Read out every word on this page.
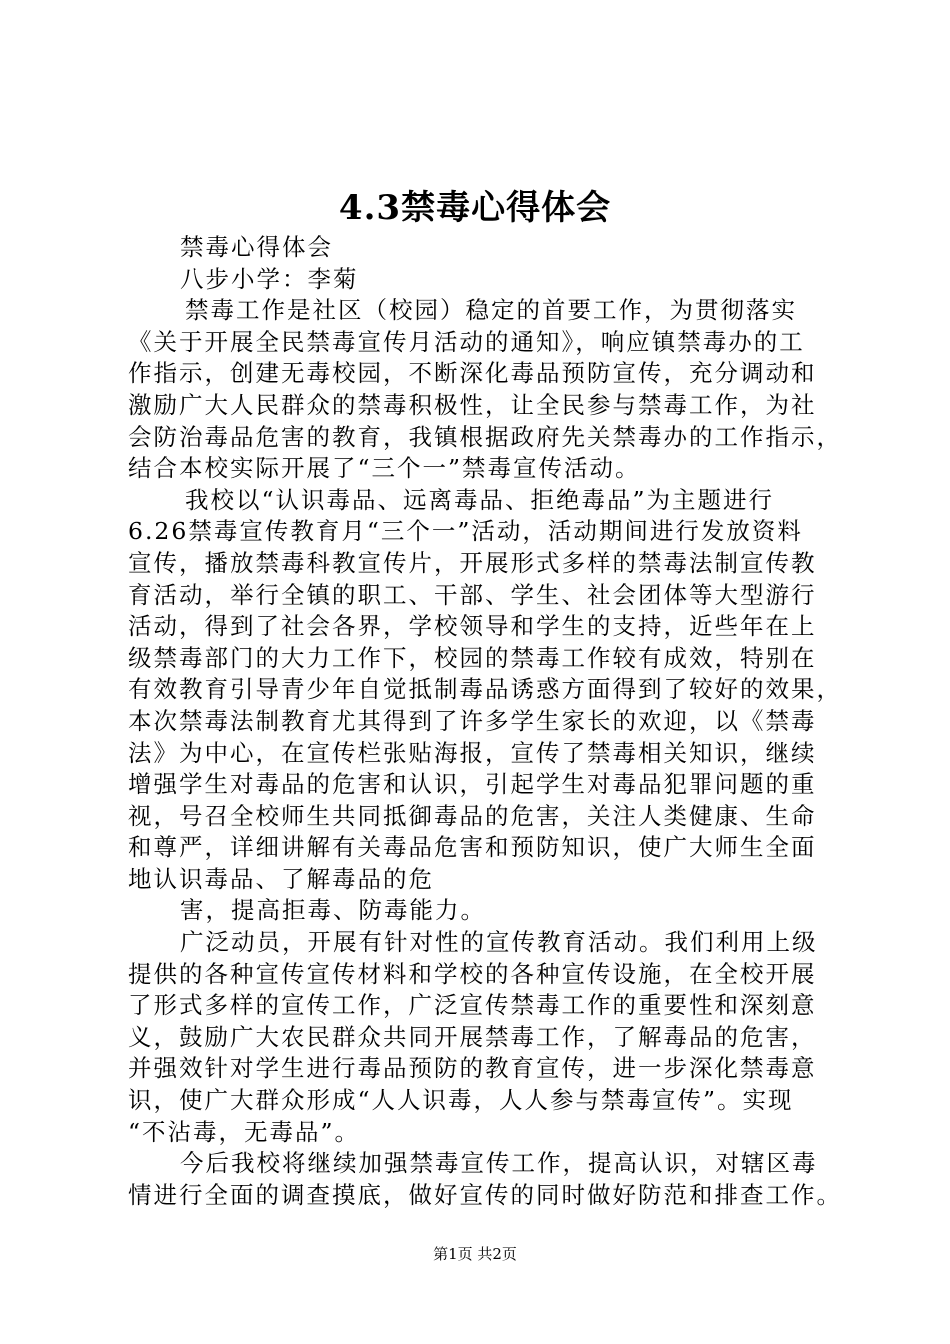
4.3禁毒心得体会
禁毒心得体会
八步小学：李菊
禁毒工作是社区（校园）稳定的首要工作，为贯彻落实
《关于开展全民禁毒宣传月活动的通知》，响应镇禁毒办的工
作指示，创建无毒校园，不断深化毒品预防宣传，充分调动和
激励广大人民群众的禁毒积极性，让全民参与禁毒工作，为社
会防治毒品危害的教育，我镇根据政府先关禁毒办的工作指示，
结合本校实际开展了“三个一”禁毒宣传活动。
我校以“认识毒品、远离毒品、拒绝毒品”为主题进行
6.26禁毒宣传教育月“三个一”活动，活动期间进行发放资料
宣传，播放禁毒科教宣传片，开展形式多样的禁毒法制宣传教
育活动，举行全镇的职工、干部、学生、社会团体等大型游行
活动，得到了社会各界，学校领导和学生的支持，近些年在上
级禁毒部门的大力工作下，校园的禁毒工作较有成效，特别在
有效教育引导青少年自觉抵制毒品诱惑方面得到了较好的效果，
本次禁毒法制教育尤其得到了许多学生家长的欢迎，以《禁毒
法》为中心，在宣传栏张贴海报，宣传了禁毒相关知识，继续
增强学生对毒品的危害和认识，引起学生对毒品犯罪问题的重
视，号召全校师生共同抵御毒品的危害，关注人类健康、生命
和尊严，详细讲解有关毒品危害和预防知识，使广大师生全面
地认识毒品、了解毒品的危
害，提高拒毒、防毒能力。
广泛动员，开展有针对性的宣传教育活动。我们利用上级
提供的各种宣传宣传材料和学校的各种宣传设施，在全校开展
了形式多样的宣传工作，广泛宣传禁毒工作的重要性和深刻意
义，鼓励广大农民群众共同开展禁毒工作，了解毒品的危害，
并强效针对学生进行毒品预防的教育宣传，进一步深化禁毒意
识，使广大群众形成“人人识毒，人人参与禁毒宣传”。实现
“不沾毒，无毒品”。
今后我校将继续加强禁毒宣传工作，提高认识，对辖区毒
情进行全面的调查摸底，做好宣传的同时做好防范和排查工作。
第1页 共2页
